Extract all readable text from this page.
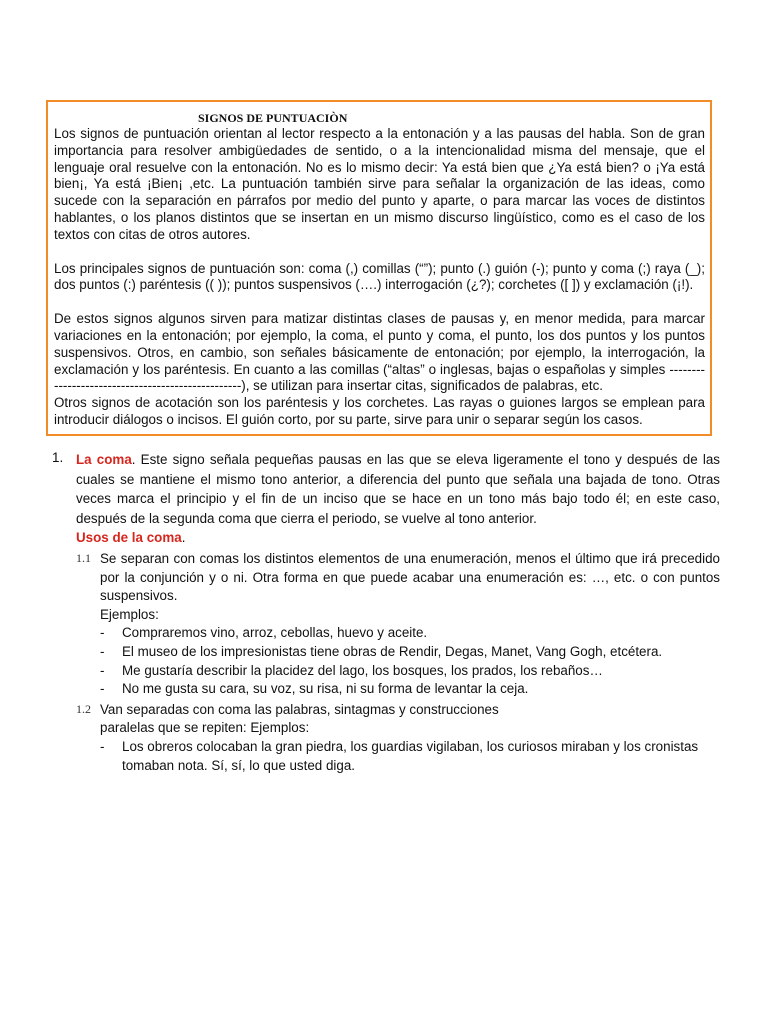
SIGNOS DE PUNTUACIÒN

Los signos de puntuación orientan al lector respecto a la entonación y a las pausas del habla. Son de gran importancia para resolver ambigüedades de sentido, o a la intencionalidad misma del mensaje, que el lenguaje oral resuelve con la entonación. No es lo mismo decir: Ya está bien que ¿Ya está bien? o ¡Ya está bien¡, Ya está ¡Bien¡ ,etc. La puntuación también sirve para señalar la organización de las ideas, como sucede con la separación en párrafos por medio del punto y aparte, o para marcar las voces de distintos hablantes, o los planos distintos que se insertan en un mismo discurso lingüístico, como es el caso de los textos con citas de otros autores.

Los principales signos de puntuación son: coma (,) comillas (“”); punto (.) guión (-); punto y coma (;) raya (_); dos puntos (:) paréntesis (( )); puntos suspensivos (….) interrogación (¿?); corchetes ([ ]) y exclamación (¡!).

De estos signos algunos sirven para matizar distintas clases de pausas y, en menor medida, para marcar variaciones en la entonación; por ejemplo, la coma, el punto y coma, el punto, los dos puntos y los puntos suspensivos. Otros, en cambio, son señales básicamente de entonación; por ejemplo, la interrogación, la exclamación y los paréntesis. En cuanto a las comillas (“altas” o inglesas, bajas o españolas y simples --------------------------------------------------), se utilizan para insertar citas, significados de palabras, etc.

Otros signos de acotación son los paréntesis y los corchetes. Las rayas o guiones largos se emplean para introducir diálogos o incisos. El guión corto, por su parte, sirve para unir o separar según los casos.

1. La coma. Este signo señala pequeñas pausas en las que se eleva ligeramente el tono y después de las cuales se mantiene el mismo tono anterior, a diferencia del punto que señala una bajada de tono. Otras veces marca el principio y el fin de un inciso que se hace en un tono más bajo todo él; en este caso, después de la segunda coma que cierra el periodo, se vuelve al tono anterior.

Usos de la coma.

1.1 Se separan con comas los distintos elementos de una enumeración, menos el último que irá precedido por la conjunción y o ni. Otra forma en que puede acabar una enumeración es: …, etc. o con puntos suspensivos.

Ejemplos:

-	Compraremos vino, arroz, cebollas, huevo y aceite.
-	El museo de los impresionistas tiene obras de Rendir, Degas, Manet, Vang Gogh, etcétera.
-	Me gustaría describir la placidez del lago, los bosques, los prados, los rebaños…
-	No me gusta su cara, su voz, su risa, ni su forma de levantar la ceja.
1.2 Van separadas con coma las palabras, sintagmas y construcciones

paralelas que se repiten: Ejemplos:

-	Los obreros colocaban la gran piedra, los guardias vigilaban, los curiosos miraban y los cronistas tomaban nota. Sí, sí, lo que usted diga.
